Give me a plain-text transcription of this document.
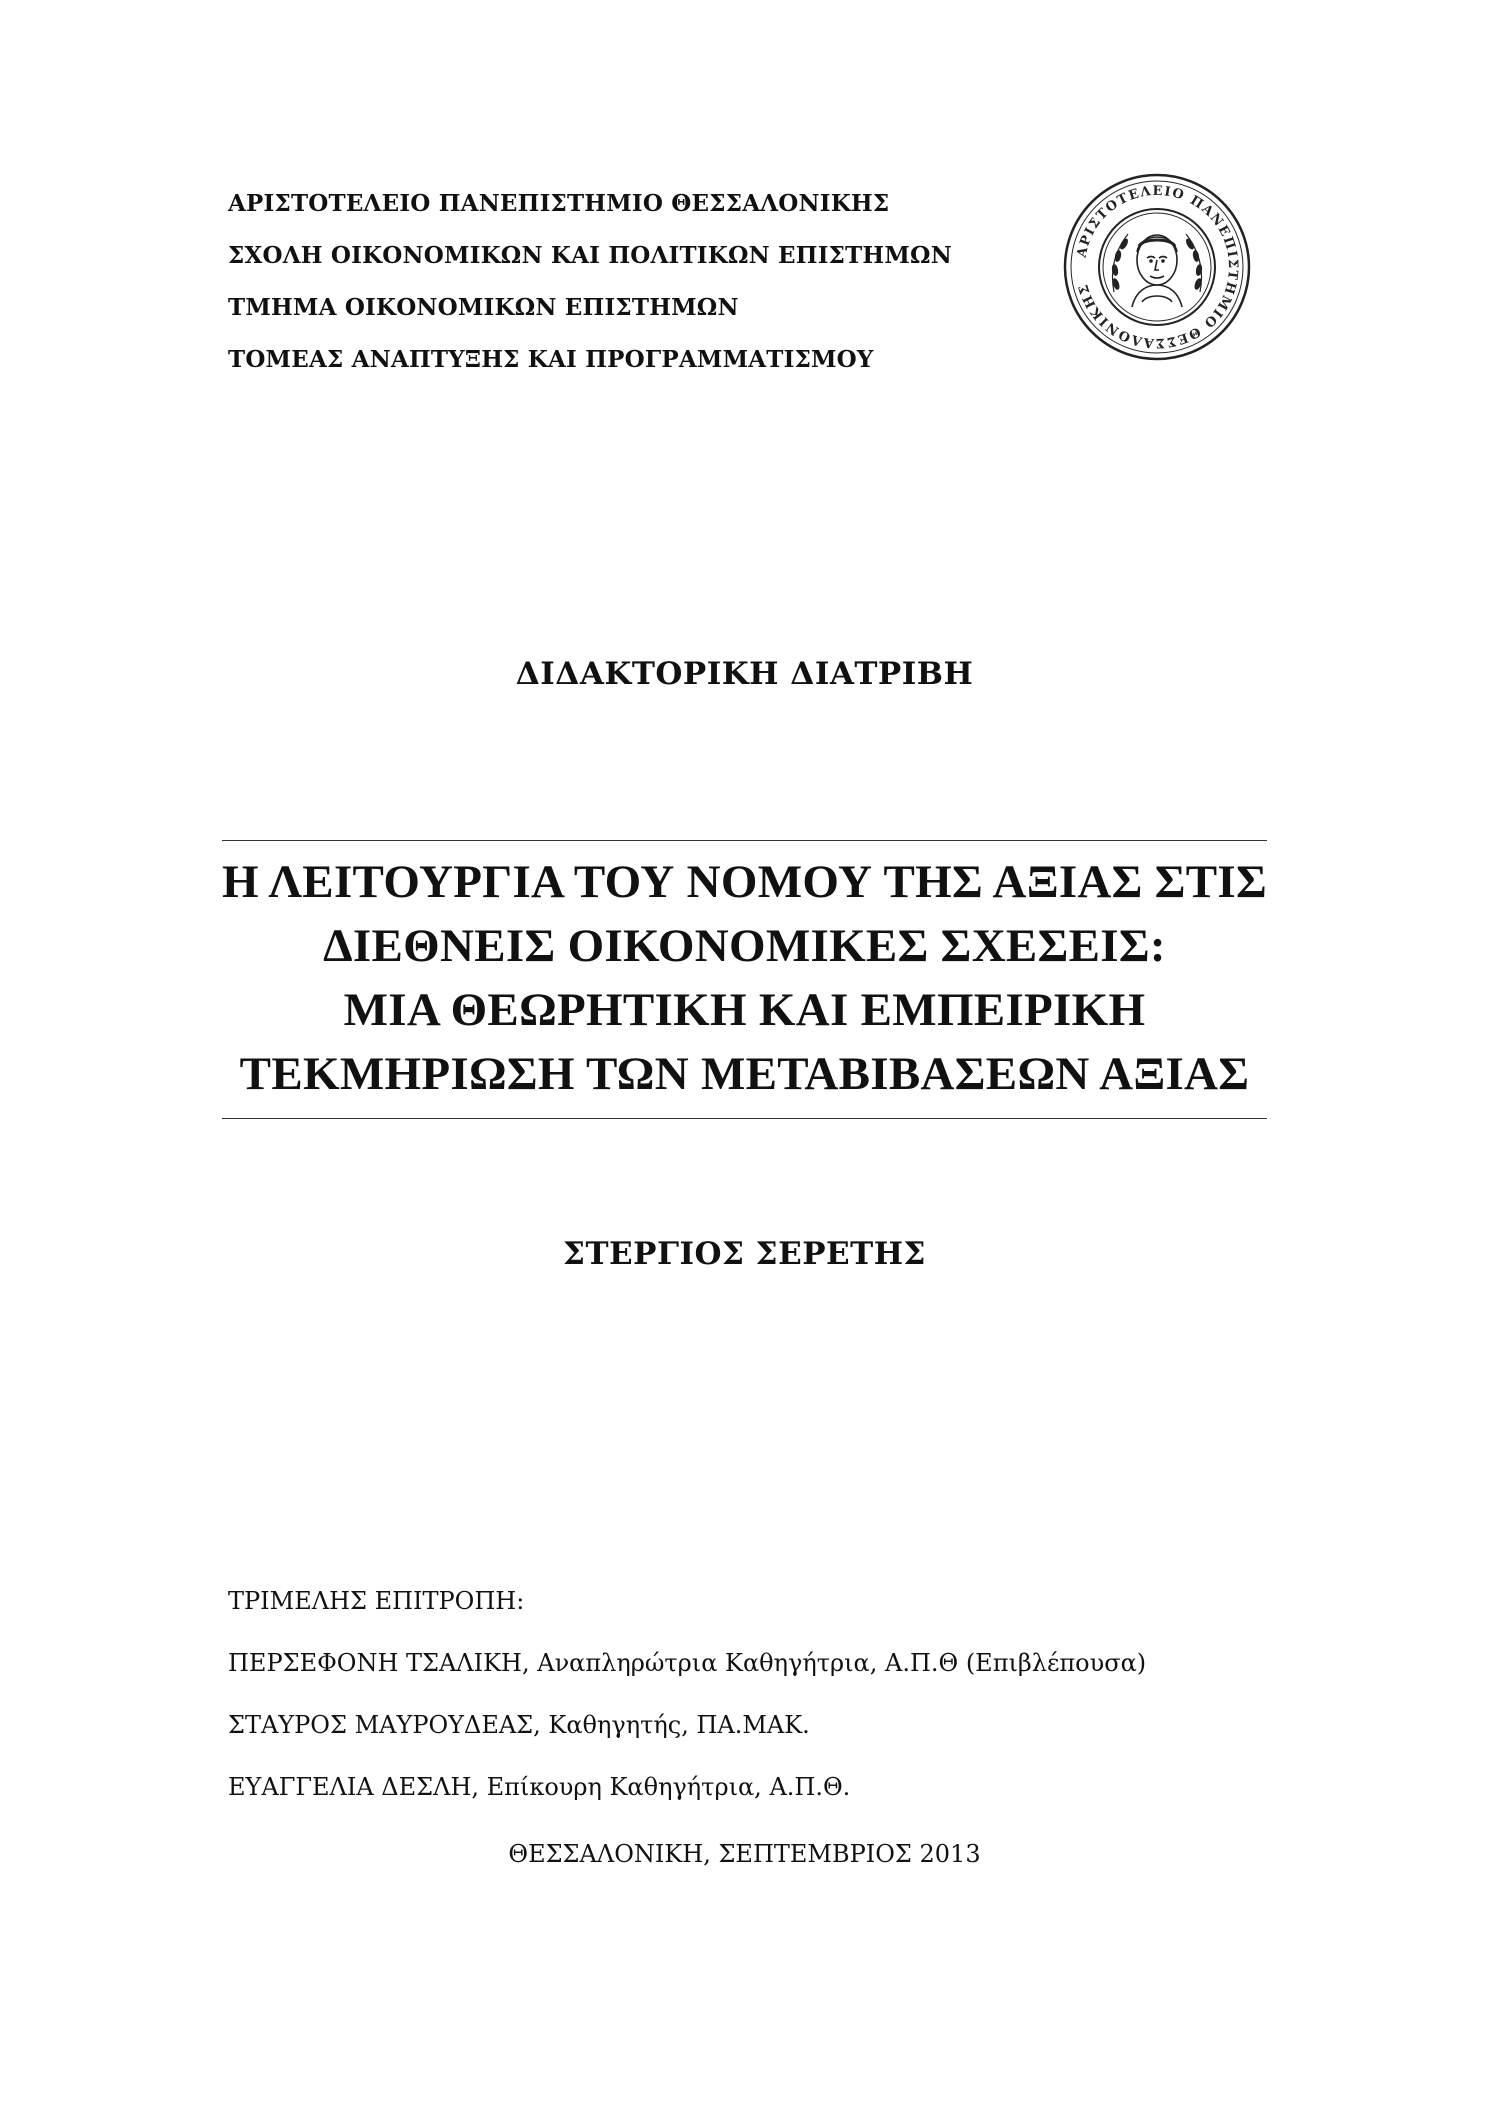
ΑΡΙΣΤΟΤΕΛΕΙΟ ΠΑΝΕΠΙΣΤΗΜΙΟ ΘΕΣΣΑΛΟΝΙΚΗΣ
ΣΧΟΛΗ ΟΙΚΟΝΟΜΙΚΩΝ ΚΑΙ ΠΟΛΙΤΙΚΩΝ ΕΠΙΣΤΗΜΩΝ
ΤΜΗΜΑ ΟΙΚΟΝΟΜΙΚΩΝ ΕΠΙΣΤΗΜΩΝ
ΤΟΜΕΑΣ ΑΝΑΠΤΥΞΗΣ ΚΑΙ ΠΡΟΓΡΑΜΜΑΤΙΣΜΟΥ
ΑΡΙΣΤΟΤΕΛΕΙΟ ΠΑΝΕΠΙΣΤΗΜΙΟ ΘΕΣΣΑΛΟΝΙΚΗΣ
ΔΙΔΑΚΤΟΡΙΚΗ ΔΙΑΤΡΙΒΗ
Η ΛΕΙΤΟΥΡΓΙΑ ΤΟΥ ΝΟΜΟΥ ΤΗΣ ΑΞΙΑΣ ΣΤΙΣ
ΔΙΕΘΝΕΙΣ ΟΙΚΟΝΟΜΙΚΕΣ ΣΧΕΣΕΙΣ:
ΜΙΑ ΘΕΩΡΗΤΙΚΗ ΚΑΙ ΕΜΠΕΙΡΙΚΗ
ΤΕΚΜΗΡΙΩΣΗ ΤΩΝ ΜΕΤΑΒΙΒΑΣΕΩΝ ΑΞΙΑΣ
ΣΤΕΡΓΙΟΣ ΣΕΡΕΤΗΣ
ΤΡΙΜΕΛΗΣ ΕΠΙΤΡΟΠΗ:
ΠΕΡΣΕΦΟΝΗ ΤΣΑΛΙΚΗ, Αναπληρώτρια Καθηγήτρια, Α.Π.Θ (Επιβλέπουσα)
ΣΤΑΥΡΟΣ ΜΑΥΡΟΥΔΕΑΣ, Καθηγητής, ΠΑ.ΜΑΚ.
ΕΥΑΓΓΕΛΙΑ ΔΕΣΛΗ, Επίκουρη Καθηγήτρια, Α.Π.Θ.
ΘΕΣΣΑΛΟΝΙΚΗ, ΣΕΠΤΕΜΒΡΙΟΣ 2013
